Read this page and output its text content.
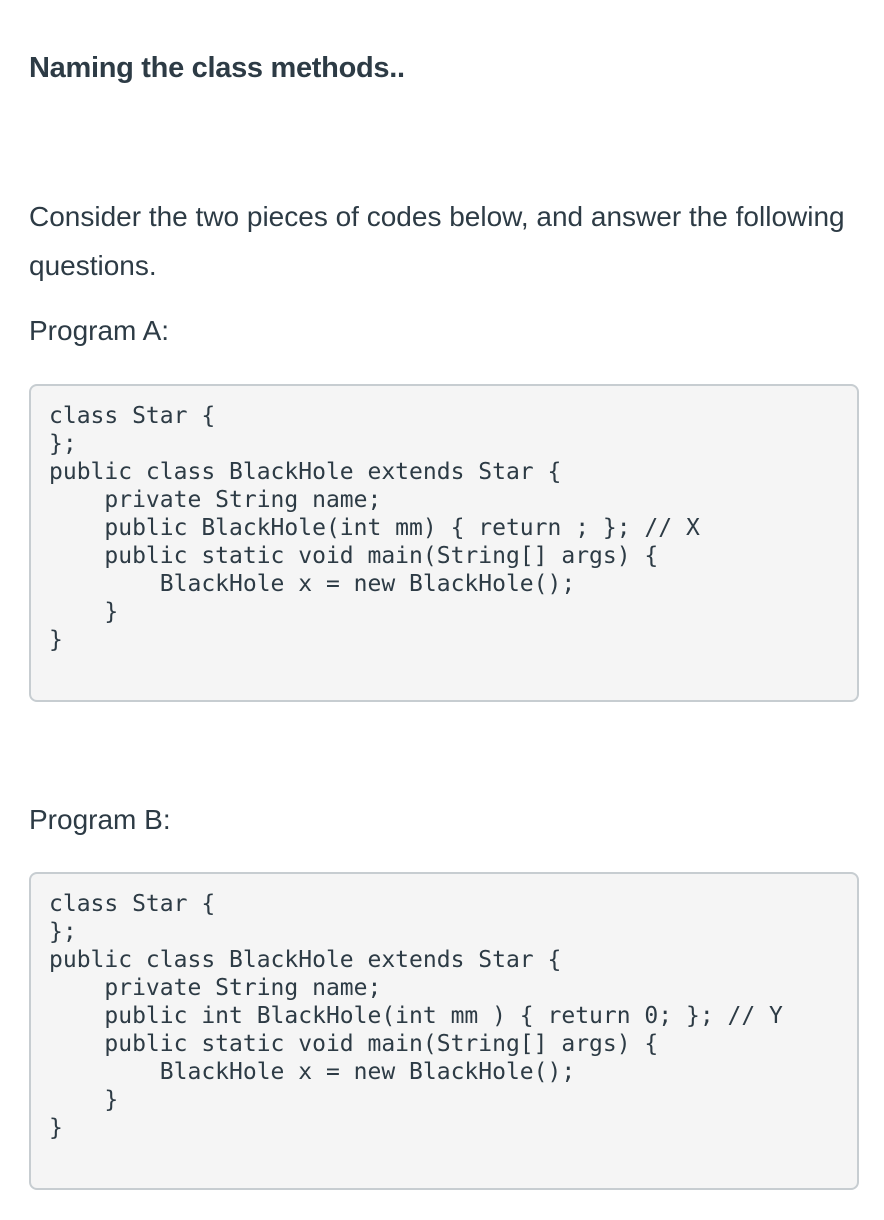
Naming the class methods..

Consider the two pieces of codes below, and answer the following questions.

Program A:

class Star {
};
public class BlackHole extends Star {
private String name;
public BlackHole(int mm) { return ; }; // X
public static void main(String[] args) {
BlackHole x = new BlackHole();
}
}

Program B:

class Star {
};
public class BlackHole extends Star {
private String name;
public int BlackHole(int mm ) { return 0; }; // Y
public static void main(String[] args) {
BlackHole x = new BlackHole();
}
}
